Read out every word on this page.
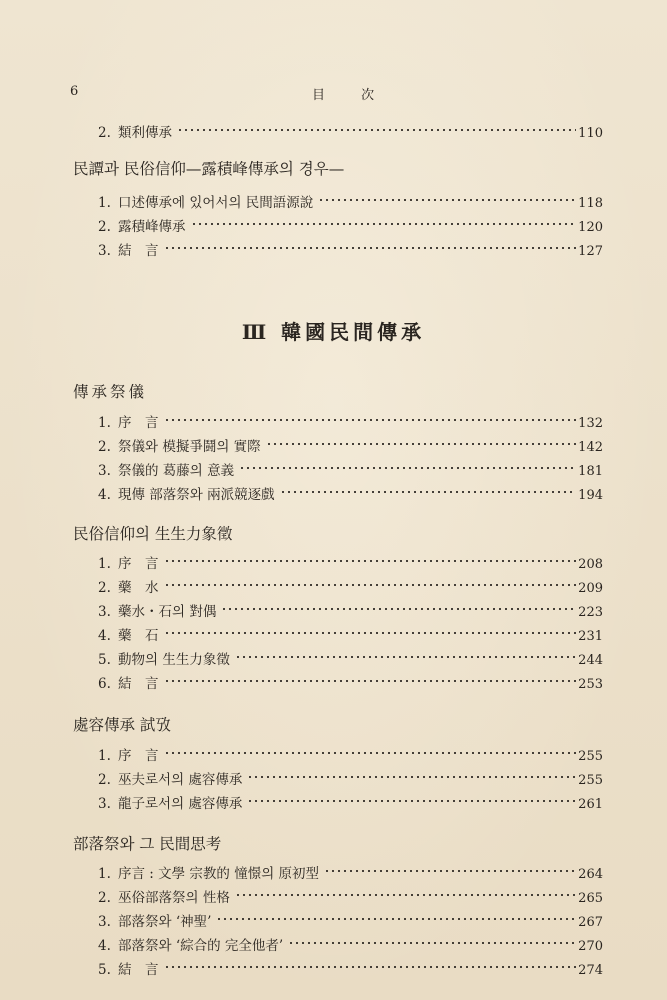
6	目 次
2. 類利傳承	110
民譚과 民俗信仰—露積峰傳承의 경우—
1. 口述傳承에 있어서의 民間語源說	118
2. 露積峰傳承	120
3. 結　言	127
Ⅲ 韓國民間傳承
傳承祭儀
1. 序　言	132
2. 祭儀와 模擬爭鬪의 實際	142
3. 祭儀的 葛藤의 意義	181
4. 現傳 部落祭와 兩派競逐戲	194
民俗信仰의 生生力象徵
1. 序　言	208
2. 藥　水	209
3. 藥水・石의 對偶	223
4. 藥　石	231
5. 動物의 生生力象徵	244
6. 結　言	253
處容傳承 試攷
1. 序　言	255
2. 巫夫로서의 處容傳承	255
3. 龍子로서의 處容傳承	261
部落祭와 그 民間思考
1. 序言 : 文學 宗教的 憧憬의 原初型	264
2. 巫俗部落祭의 性格	265
3. 部落祭와 ‘神聖’	267
4. 部落祭와 ‘綜合的 完全他者’	270
5. 結　言	274
